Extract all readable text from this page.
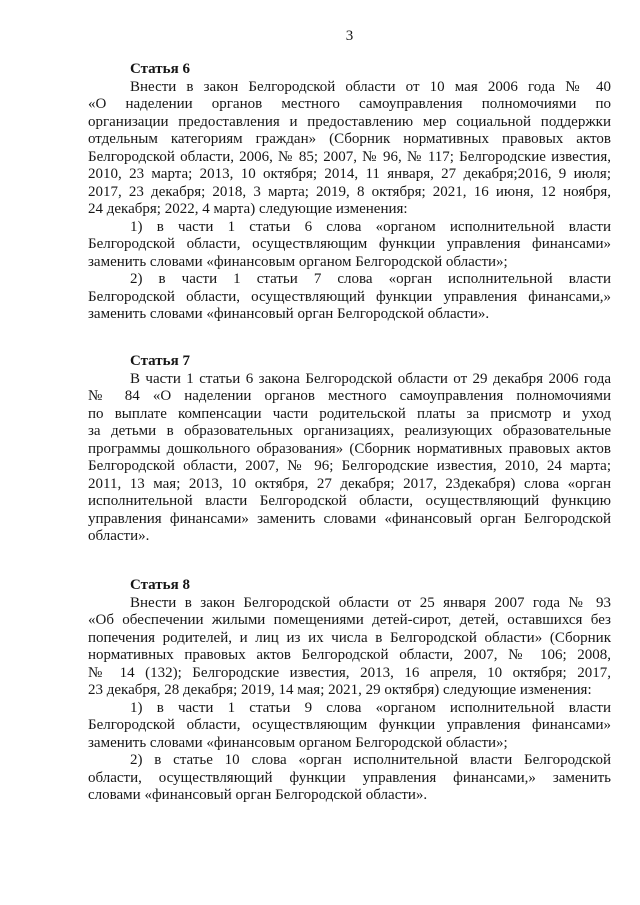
3
Статья 6
Внести в закон Белгородской области от 10 мая 2006 года № 40
«О наделении органов местного самоуправления полномочиями по
организации предоставления и предоставлению мер социальной поддержки
отдельным категориям граждан» (Сборник нормативных правовых актов
Белгородской области, 2006, № 85; 2007, № 96, № 117; Белгородские известия,
2010, 23 марта; 2013, 10 октября; 2014, 11 января, 27 декабря;2016, 9 июля;
2017, 23 декабря; 2018, 3 марта; 2019, 8 октября; 2021, 16 июня, 12 ноября,
24 декабря; 2022, 4 марта) следующие изменения:
1) в части 1 статьи 6 слова «органом исполнительной власти
Белгородской области, осуществляющим функции управления финансами»
заменить словами «финансовым органом Белгородской области»;
2) в части 1 статьи 7 слова «орган исполнительной власти
Белгородской области, осуществляющий функции управления финансами,»
заменить словами «финансовый орган Белгородской области».
Статья 7
В части 1 статьи 6 закона Белгородской области от 29 декабря 2006 года
№ 84 «О наделении органов местного самоуправления полномочиями
по выплате компенсации части родительской платы за присмотр и уход
за детьми в образовательных организациях, реализующих образовательные
программы дошкольного образования» (Сборник нормативных правовых актов
Белгородской области, 2007, № 96; Белгородские известия, 2010, 24 марта;
2011, 13 мая; 2013, 10 октября, 27 декабря; 2017, 23декабря) слова «орган
исполнительной власти Белгородской области, осуществляющий функцию
управления финансами» заменить словами «финансовый орган Белгородской
области».
Статья 8
Внести в закон Белгородской области от 25 января 2007 года № 93
«Об обеспечении жилыми помещениями детей-сирот, детей, оставшихся без
попечения родителей, и лиц из их числа в Белгородской области» (Сборник
нормативных правовых актов Белгородской области, 2007, № 106; 2008,
№ 14 (132); Белгородские известия, 2013, 16 апреля, 10 октября; 2017,
23 декабря, 28 декабря; 2019, 14 мая; 2021, 29 октября) следующие изменения:
1) в части 1 статьи 9 слова «органом исполнительной власти
Белгородской области, осуществляющим функции управления финансами»
заменить словами «финансовым органом Белгородской области»;
2) в статье 10 слова «орган исполнительной власти Белгородской
области, осуществляющий функции управления финансами,» заменить
словами «финансовый орган Белгородской области».
